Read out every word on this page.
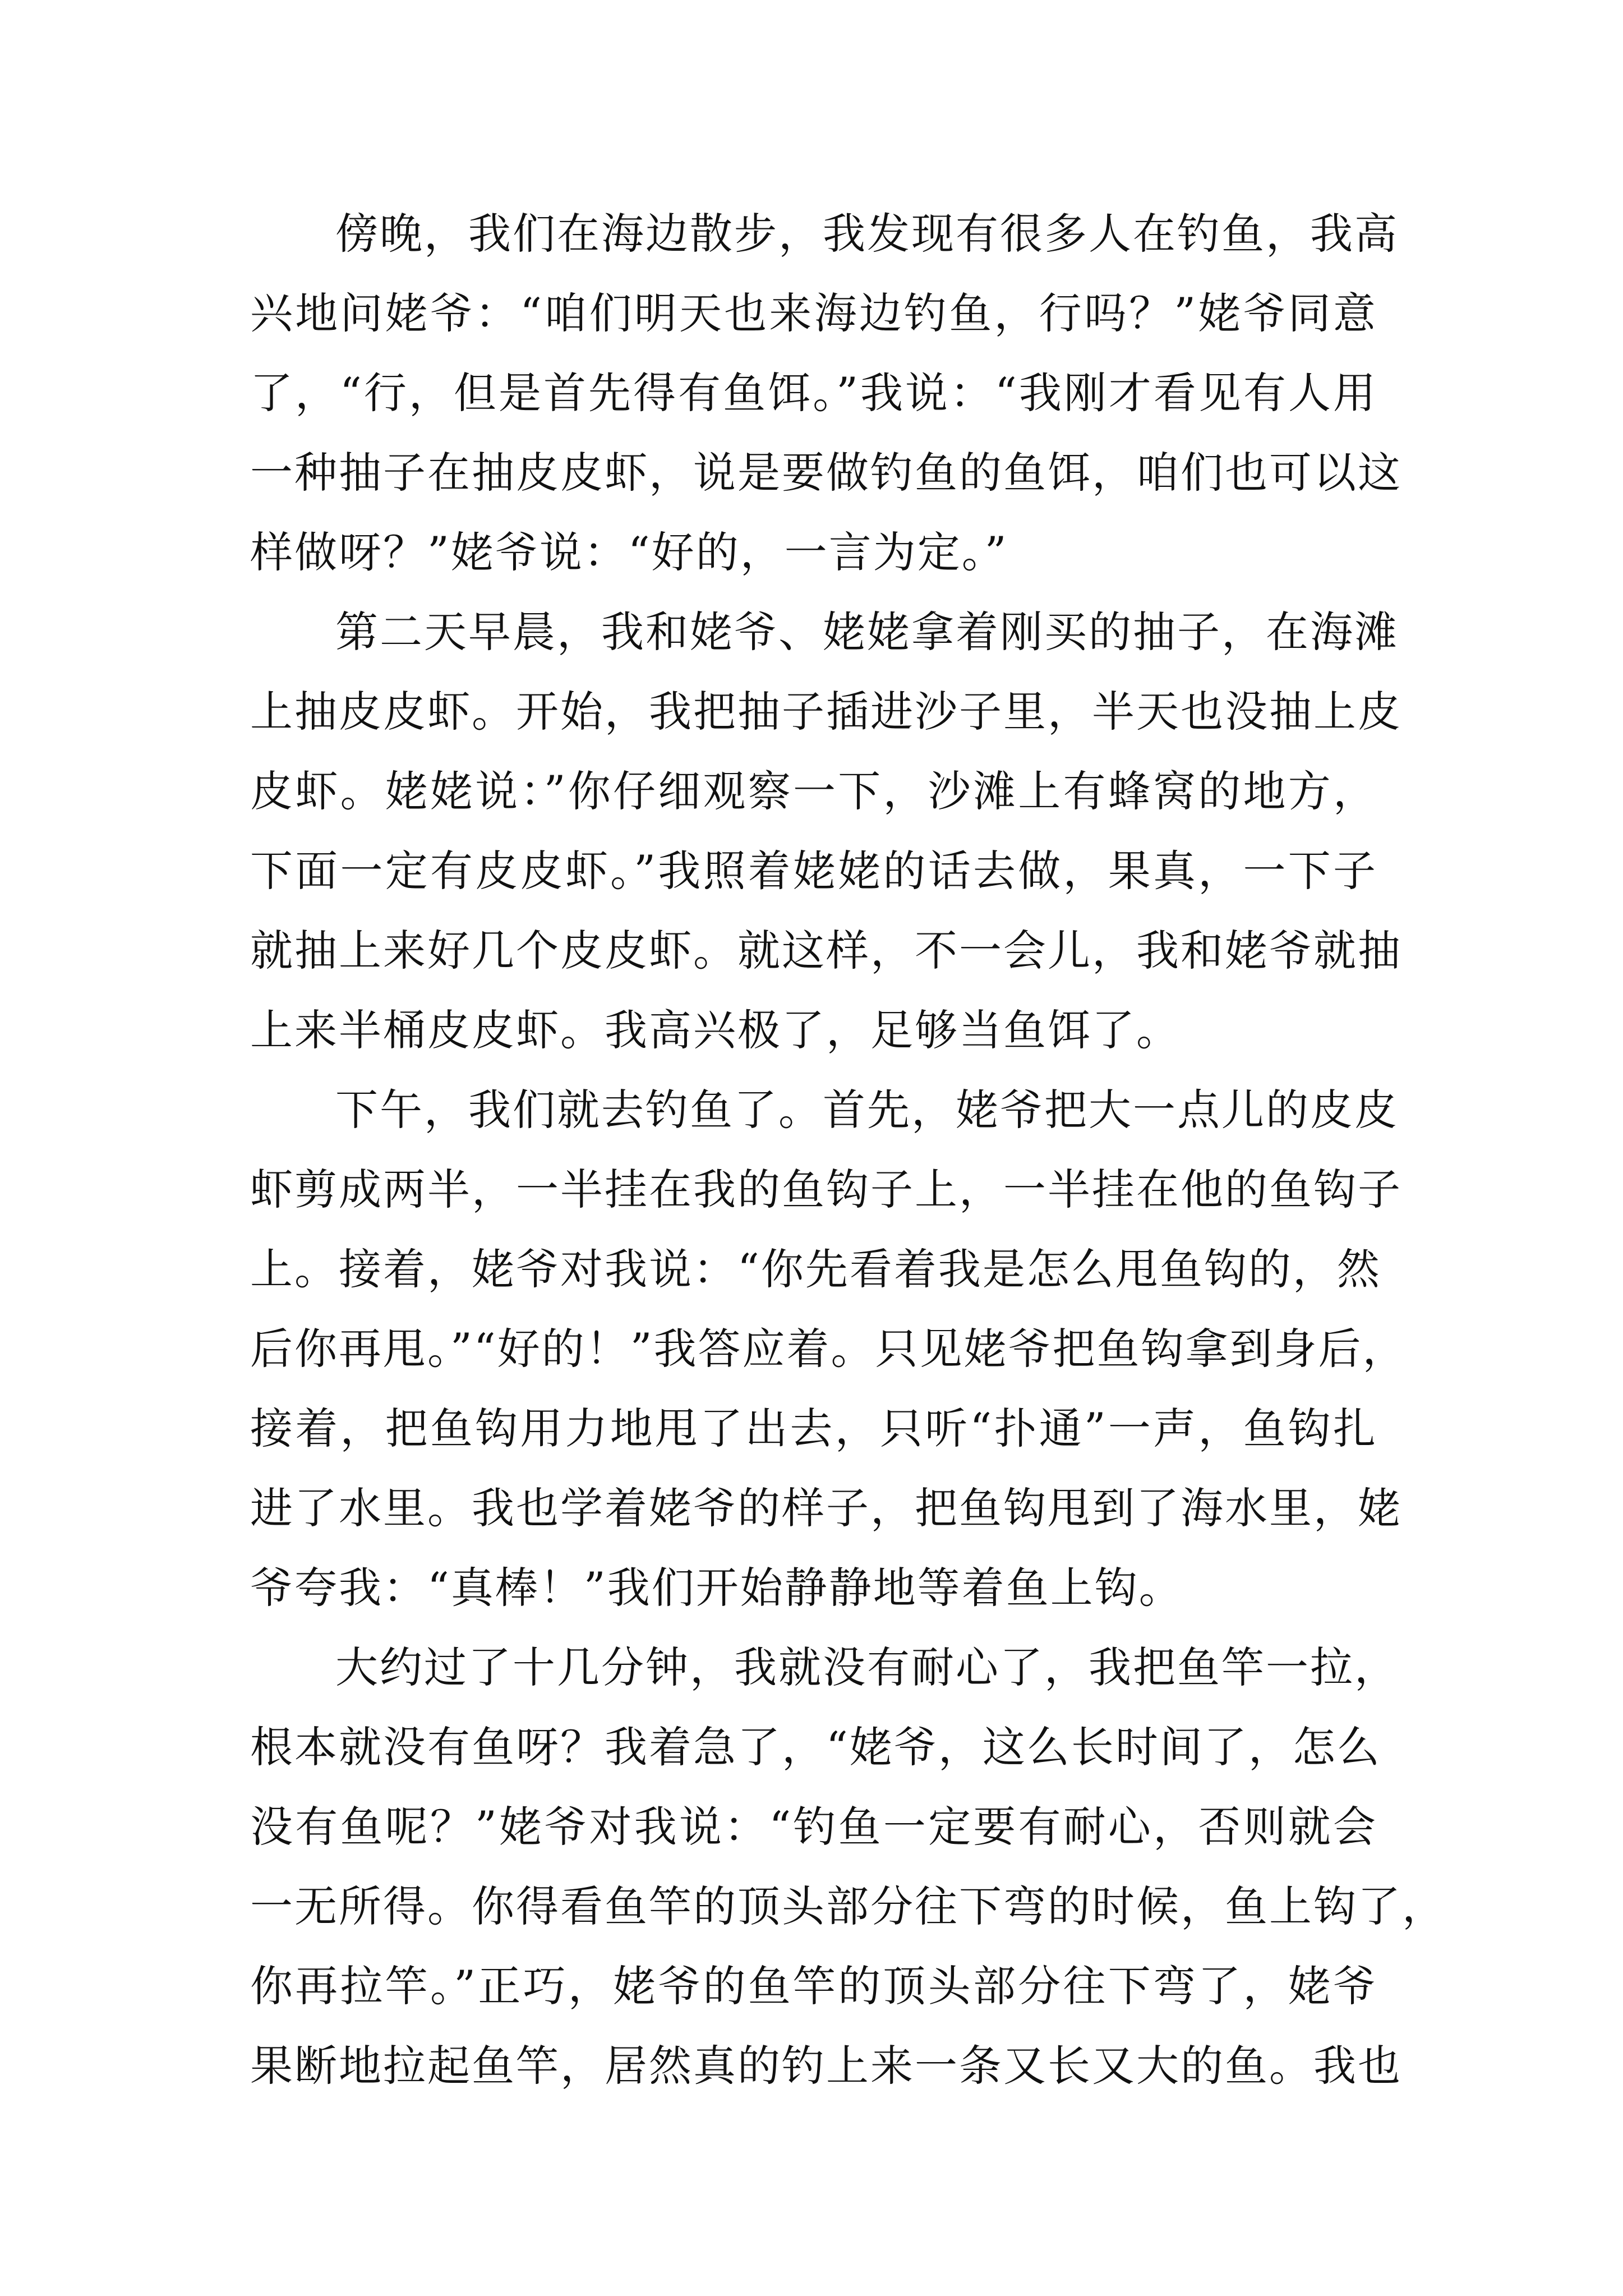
傍晚，我们在海边散步，我发现有很多人在钓鱼，我高
兴地问姥爷：“咱们明天也来海边钓鱼，行吗？”姥爷同意
了，“行，但是首先得有鱼饵。”我说：“我刚才看见有人用
一种抽子在抽皮皮虾，说是要做钓鱼的鱼饵，咱们也可以这
样做呀？”姥爷说：“好的，一言为定。”
第二天早晨，我和姥爷、姥姥拿着刚买的抽子，在海滩
上抽皮皮虾。开始，我把抽子插进沙子里，半天也没抽上皮
皮虾。姥姥说：”你仔细观察一下，沙滩上有蜂窝的地方，
下面一定有皮皮虾。”我照着姥姥的话去做，果真，一下子
就抽上来好几个皮皮虾。就这样，不一会儿，我和姥爷就抽
上来半桶皮皮虾。我高兴极了，足够当鱼饵了。
下午，我们就去钓鱼了。首先，姥爷把大一点儿的皮皮
虾剪成两半，一半挂在我的鱼钩子上，一半挂在他的鱼钩子
上。接着，姥爷对我说：“你先看着我是怎么甩鱼钩的，然
后你再甩。”“好的！”我答应着。只见姥爷把鱼钩拿到身后，
接着，把鱼钩用力地甩了出去，只听“扑通”一声，鱼钩扎
进了水里。我也学着姥爷的样子，把鱼钩甩到了海水里，姥
爷夸我：“真棒！”我们开始静静地等着鱼上钩。
大约过了十几分钟，我就没有耐心了，我把鱼竿一拉，
根本就没有鱼呀？我着急了，“姥爷，这么长时间了，怎么
没有鱼呢？”姥爷对我说：“钓鱼一定要有耐心，否则就会
一无所得。你得看鱼竿的顶头部分往下弯的时候，鱼上钩了，
你再拉竿。”正巧，姥爷的鱼竿的顶头部分往下弯了，姥爷
果断地拉起鱼竿，居然真的钓上来一条又长又大的鱼。我也
